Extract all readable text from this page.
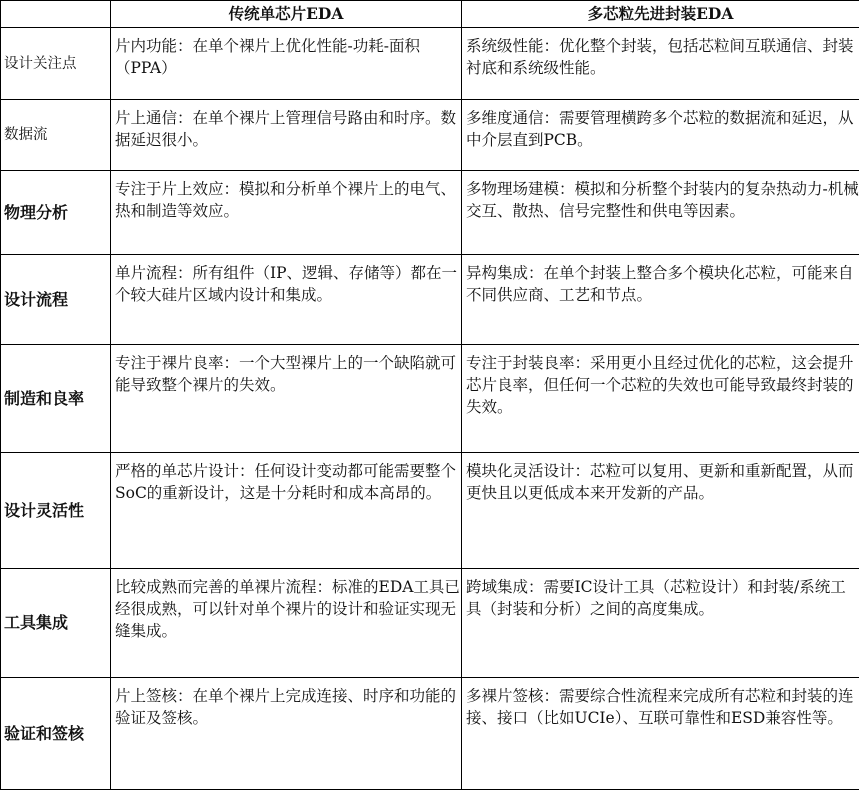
	传统单芯片EDA	多芯粒先进封装EDA
设计关注点	片内功能：在单个裸片上优化性能-功耗-面积（PPA）	系统级性能：优化整个封装，包括芯粒间互联通信、封装衬底和系统级性能。
数据流	片上通信：在单个裸片上管理信号路由和时序。数据延迟很小。	多维度通信：需要管理横跨多个芯粒的数据流和延迟，从中介层直到PCB。
物理分析	专注于片上效应：模拟和分析单个裸片上的电气、热和制造等效应。	多物理场建模：模拟和分析整个封装内的复杂热动力-机械交互、散热、信号完整性和供电等因素。
设计流程	单片流程：所有组件（IP、逻辑、存储等）都在一个较大硅片区域内设计和集成。	异构集成：在单个封装上整合多个模块化芯粒，可能来自不同供应商、工艺和节点。
制造和良率	专注于裸片良率：一个大型裸片上的一个缺陷就可能导致整个裸片的失效。	专注于封装良率：采用更小且经过优化的芯粒，这会提升芯片良率，但任何一个芯粒的失效也可能导致最终封装的失效。
设计灵活性	严格的单芯片设计：任何设计变动都可能需要整个SoC的重新设计，这是十分耗时和成本高昂的。	模块化灵活设计：芯粒可以复用、更新和重新配置，从而更快且以更低成本来开发新的产品。
工具集成	比较成熟而完善的单裸片流程：标准的EDA工具已经很成熟，可以针对单个裸片的设计和验证实现无缝集成。	跨域集成：需要IC设计工具（芯粒设计）和封装/系统工具（封装和分析）之间的高度集成。
验证和签核	片上签核：在单个裸片上完成连接、时序和功能的验证及签核。	多裸片签核：需要综合性流程来完成所有芯粒和封装的连接、接口（比如UCIe）、互联可靠性和ESD兼容性等。
